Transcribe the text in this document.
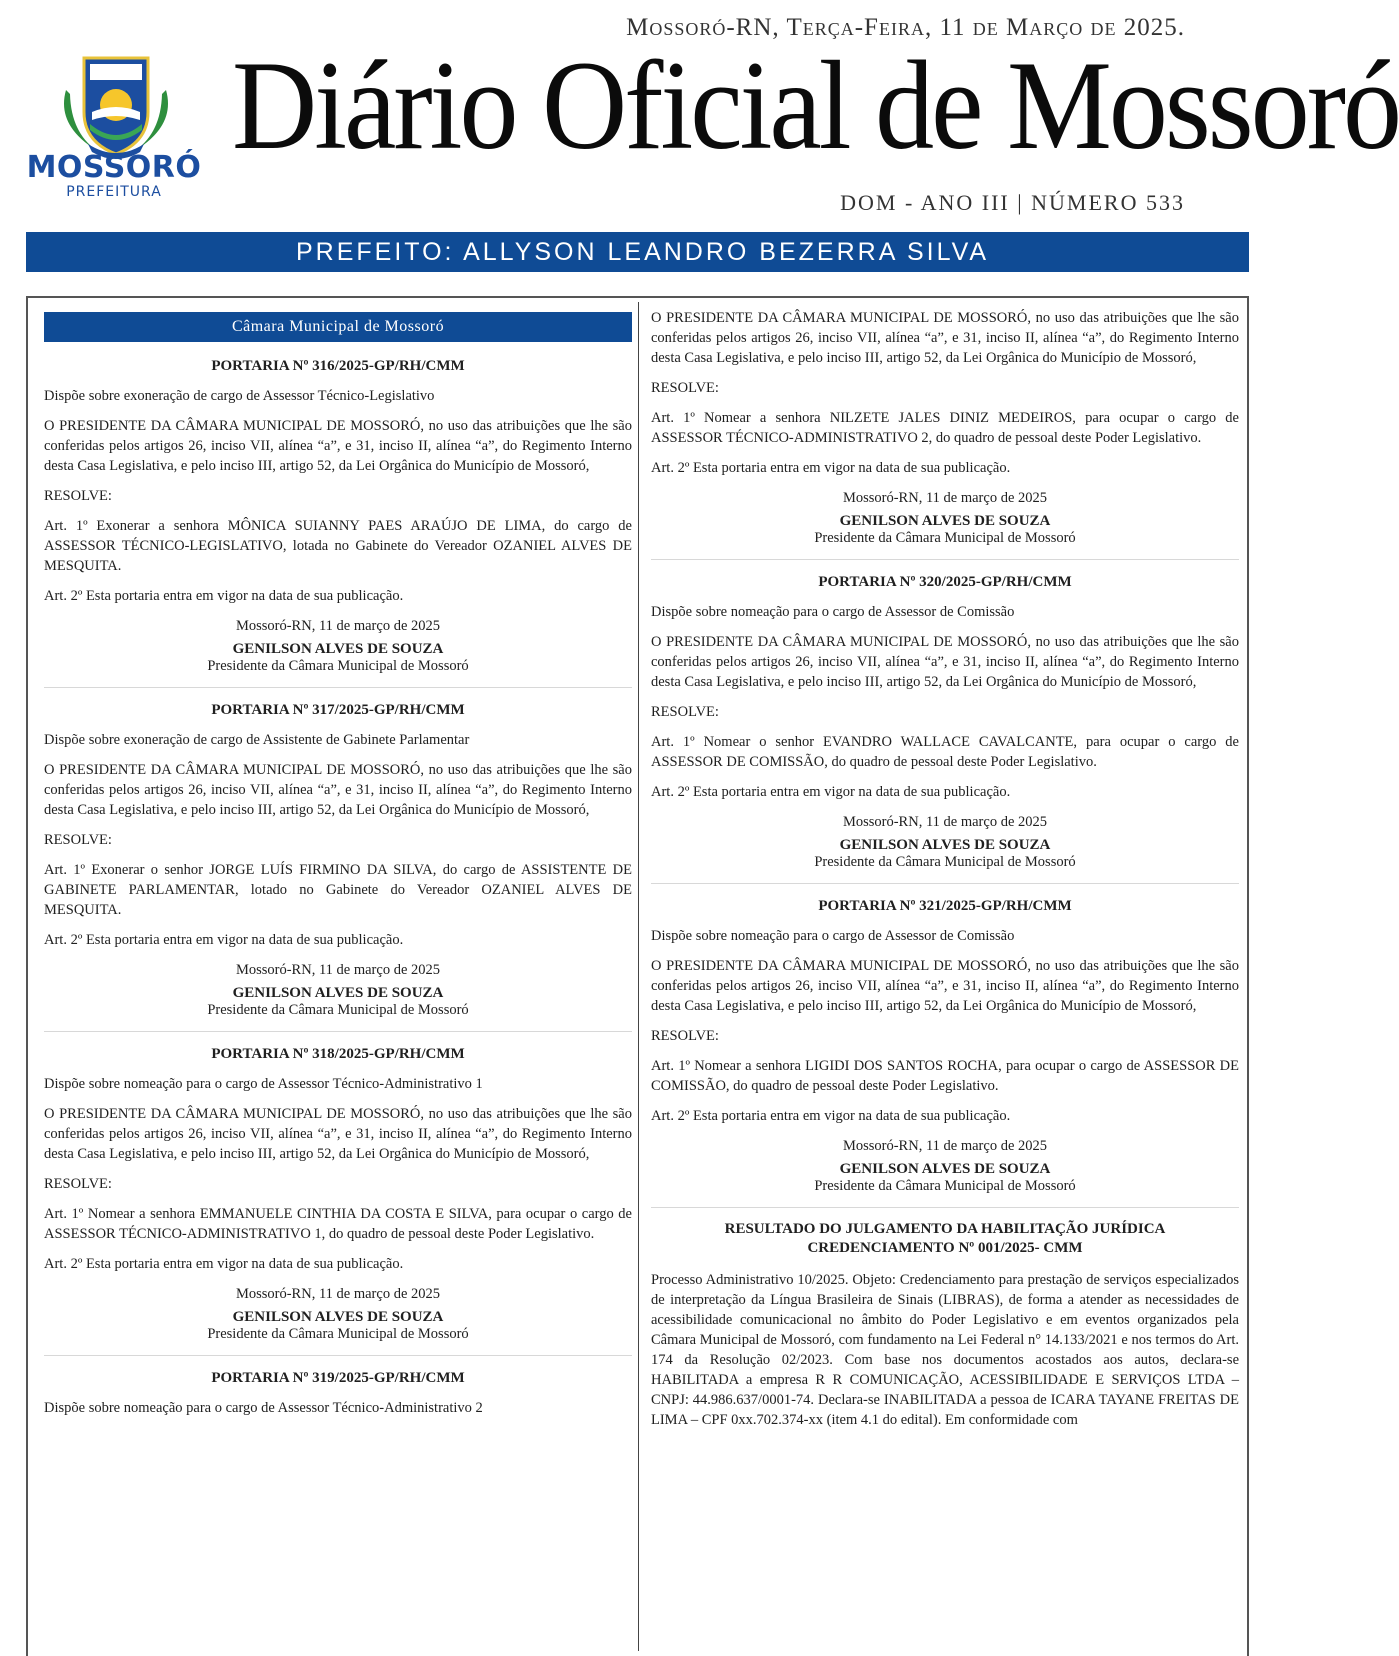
MOSSORÓ
PREFEITURA
Mossoró-RN, Terça-Feira, 11 de Março de 2025.
Diário Oficial de Mossoró
DOM - ANO III | NÚMERO 533
PREFEITO: ALLYSON LEANDRO BEZERRA SILVA
Câmara Municipal de Mossoró
PORTARIA Nº 316/2025-GP/RH/CMM
Dispõe sobre exoneração de cargo de Assessor Técnico-Legislativo
O PRESIDENTE DA CÂMARA MUNICIPAL DE MOSSORÓ, no uso das atribuições que lhe são conferidas pelos artigos 26, inciso VII, alínea “a”, e 31, inciso II, alínea “a”, do Regimento Interno desta Casa Legislativa, e pelo inciso III, artigo 52, da Lei Orgânica do Município de Mossoró,
RESOLVE:
Art. 1º Exonerar a senhora MÔNICA SUIANNY PAES ARAÚJO DE LIMA, do cargo de ASSESSOR TÉCNICO-LEGISLATIVO, lotada no Gabinete do Vereador OZANIEL ALVES DE MESQUITA.
Art. 2º Esta portaria entra em vigor na data de sua publicação.
Mossoró-RN, 11 de março de 2025
GENILSON ALVES DE SOUZA
Presidente da Câmara Municipal de Mossoró
PORTARIA Nº 317/2025-GP/RH/CMM
Dispõe sobre exoneração de cargo de Assistente de Gabinete Parlamentar
O PRESIDENTE DA CÂMARA MUNICIPAL DE MOSSORÓ, no uso das atribuições que lhe são conferidas pelos artigos 26, inciso VII, alínea “a”, e 31, inciso II, alínea “a”, do Regimento Interno desta Casa Legislativa, e pelo inciso III, artigo 52, da Lei Orgânica do Município de Mossoró,
RESOLVE:
Art. 1º Exonerar o senhor JORGE LUÍS FIRMINO DA SILVA, do cargo de ASSISTENTE DE GABINETE PARLAMENTAR, lotado no Gabinete do Vereador OZANIEL ALVES DE MESQUITA.
Art. 2º Esta portaria entra em vigor na data de sua publicação.
Mossoró-RN, 11 de março de 2025
GENILSON ALVES DE SOUZA
Presidente da Câmara Municipal de Mossoró
PORTARIA Nº 318/2025-GP/RH/CMM
Dispõe sobre nomeação para o cargo de Assessor Técnico-Administrativo 1
O PRESIDENTE DA CÂMARA MUNICIPAL DE MOSSORÓ, no uso das atribuições que lhe são conferidas pelos artigos 26, inciso VII, alínea “a”, e 31, inciso II, alínea “a”, do Regimento Interno desta Casa Legislativa, e pelo inciso III, artigo 52, da Lei Orgânica do Município de Mossoró,
RESOLVE:
Art. 1º Nomear a senhora EMMANUELE CINTHIA DA COSTA E SILVA, para ocupar o cargo de ASSESSOR TÉCNICO-ADMINISTRATIVO 1, do quadro de pessoal deste Poder Legislativo.
Art. 2º Esta portaria entra em vigor na data de sua publicação.
Mossoró-RN, 11 de março de 2025
GENILSON ALVES DE SOUZA
Presidente da Câmara Municipal de Mossoró
PORTARIA Nº 319/2025-GP/RH/CMM
Dispõe sobre nomeação para o cargo de Assessor Técnico-Administrativo 2
O PRESIDENTE DA CÂMARA MUNICIPAL DE MOSSORÓ, no uso das atribuições que lhe são conferidas pelos artigos 26, inciso VII, alínea “a”, e 31, inciso II, alínea “a”, do Regimento Interno desta Casa Legislativa, e pelo inciso III, artigo 52, da Lei Orgânica do Município de Mossoró,
RESOLVE:
Art. 1º Nomear a senhora NILZETE JALES DINIZ MEDEIROS, para ocupar o cargo de ASSESSOR TÉCNICO-ADMINISTRATIVO 2, do quadro de pessoal deste Poder Legislativo.
Art. 2º Esta portaria entra em vigor na data de sua publicação.
Mossoró-RN, 11 de março de 2025
GENILSON ALVES DE SOUZA
Presidente da Câmara Municipal de Mossoró
PORTARIA Nº 320/2025-GP/RH/CMM
Dispõe sobre nomeação para o cargo de Assessor de Comissão
O PRESIDENTE DA CÂMARA MUNICIPAL DE MOSSORÓ, no uso das atribuições que lhe são conferidas pelos artigos 26, inciso VII, alínea “a”, e 31, inciso II, alínea “a”, do Regimento Interno desta Casa Legislativa, e pelo inciso III, artigo 52, da Lei Orgânica do Município de Mossoró,
RESOLVE:
Art. 1º Nomear o senhor EVANDRO WALLACE CAVALCANTE, para ocupar o cargo de ASSESSOR DE COMISSÃO, do quadro de pessoal deste Poder Legislativo.
Art. 2º Esta portaria entra em vigor na data de sua publicação.
Mossoró-RN, 11 de março de 2025
GENILSON ALVES DE SOUZA
Presidente da Câmara Municipal de Mossoró
PORTARIA Nº 321/2025-GP/RH/CMM
Dispõe sobre nomeação para o cargo de Assessor de Comissão
O PRESIDENTE DA CÂMARA MUNICIPAL DE MOSSORÓ, no uso das atribuições que lhe são conferidas pelos artigos 26, inciso VII, alínea “a”, e 31, inciso II, alínea “a”, do Regimento Interno desta Casa Legislativa, e pelo inciso III, artigo 52, da Lei Orgânica do Município de Mossoró,
RESOLVE:
Art. 1º Nomear a senhora LIGIDI DOS SANTOS ROCHA, para ocupar o cargo de ASSESSOR DE COMISSÃO, do quadro de pessoal deste Poder Legislativo.
Art. 2º Esta portaria entra em vigor na data de sua publicação.
Mossoró-RN, 11 de março de 2025
GENILSON ALVES DE SOUZA
Presidente da Câmara Municipal de Mossoró
RESULTADO DO JULGAMENTO DA HABILITAÇÃO JURÍDICA
CREDENCIAMENTO Nº 001/2025- CMM
Processo Administrativo 10/2025. Objeto: Credenciamento para prestação de serviços especializados de interpretação da Língua Brasileira de Sinais (LIBRAS), de forma a atender as necessidades de acessibilidade comunicacional no âmbito do Poder Legislativo e em eventos organizados pela Câmara Municipal de Mossoró, com fundamento na Lei Federal n° 14.133/2021 e nos termos do Art. 174 da Resolução 02/2023. Com base nos documentos acostados aos autos, declara-se HABILITADA a empresa R R COMUNICAÇÃO, ACESSIBILIDADE E SERVIÇOS LTDA – CNPJ: 44.986.637/0001-74. Declara-se INABILITADA a pessoa de ICARA TAYANE FREITAS DE LIMA – CPF 0xx.702.374-xx (item 4.1 do edital). Em conformidade com
